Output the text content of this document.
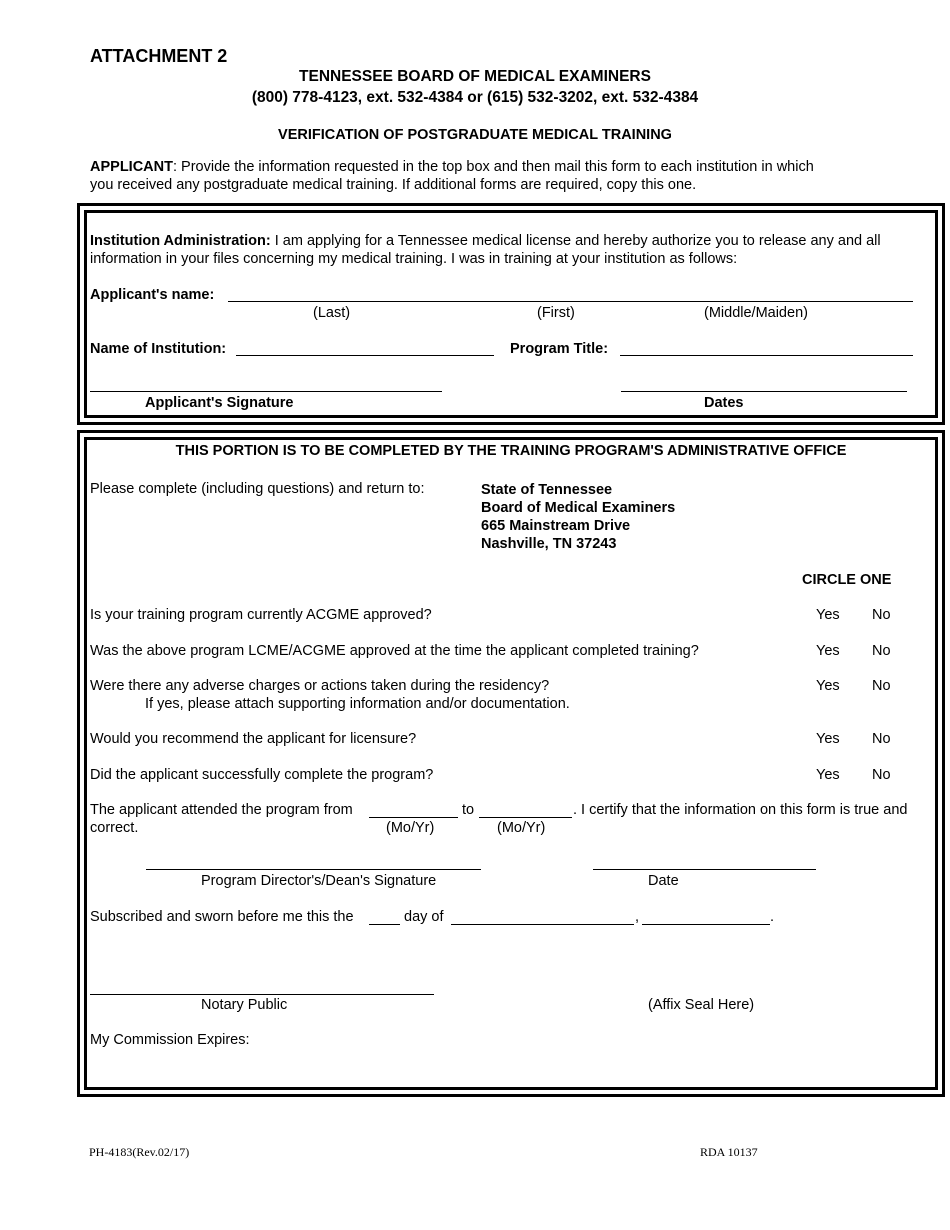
ATTACHMENT 2
TENNESSEE BOARD OF MEDICAL EXAMINERS
(800) 778-4123, ext. 532-4384 or (615) 532-3202, ext. 532-4384
VERIFICATION OF POSTGRADUATE MEDICAL TRAINING
APPLICANT: Provide the information requested in the top box and then mail this form to each institution in which
you received any postgraduate medical training. If additional forms are required, copy this one.
Institution Administration: I am applying for a Tennessee medical license and hereby authorize you to release any and all
information in your files concerning my medical training. I was in training at your institution as follows:
Applicant's name:
(Last)	(First)	(Middle/Maiden)
Name of Institution:	Program Title:
Applicant's Signature	Dates
THIS PORTION IS TO BE COMPLETED BY THE TRAINING PROGRAM'S ADMINISTRATIVE OFFICE
Please complete (including questions) and return to:	State of Tennessee
Board of Medical Examiners
665 Mainstream Drive
Nashville, TN 37243
CIRCLE ONE
Is your training program currently ACGME approved?	Yes No
Was the above program LCME/ACGME approved at the time the applicant completed training?	Yes No
Were there any adverse charges or actions taken during the residency?
If yes, please attach supporting information and/or documentation.
Yes No
Would you recommend the applicant for licensure?	Yes No
Did the applicant successfully complete the program?	Yes No
The applicant attended the program from	to	. I certify that the information on this form is true and
correct.	(Mo/Yr)	(Mo/Yr)
Program Director's/Dean's Signature	Date
Subscribed and sworn before me this the	day of	,	.
Notary Public	(Affix Seal Here)
My Commission Expires:
PH-4183(Rev.02/17)	RDA 10137
